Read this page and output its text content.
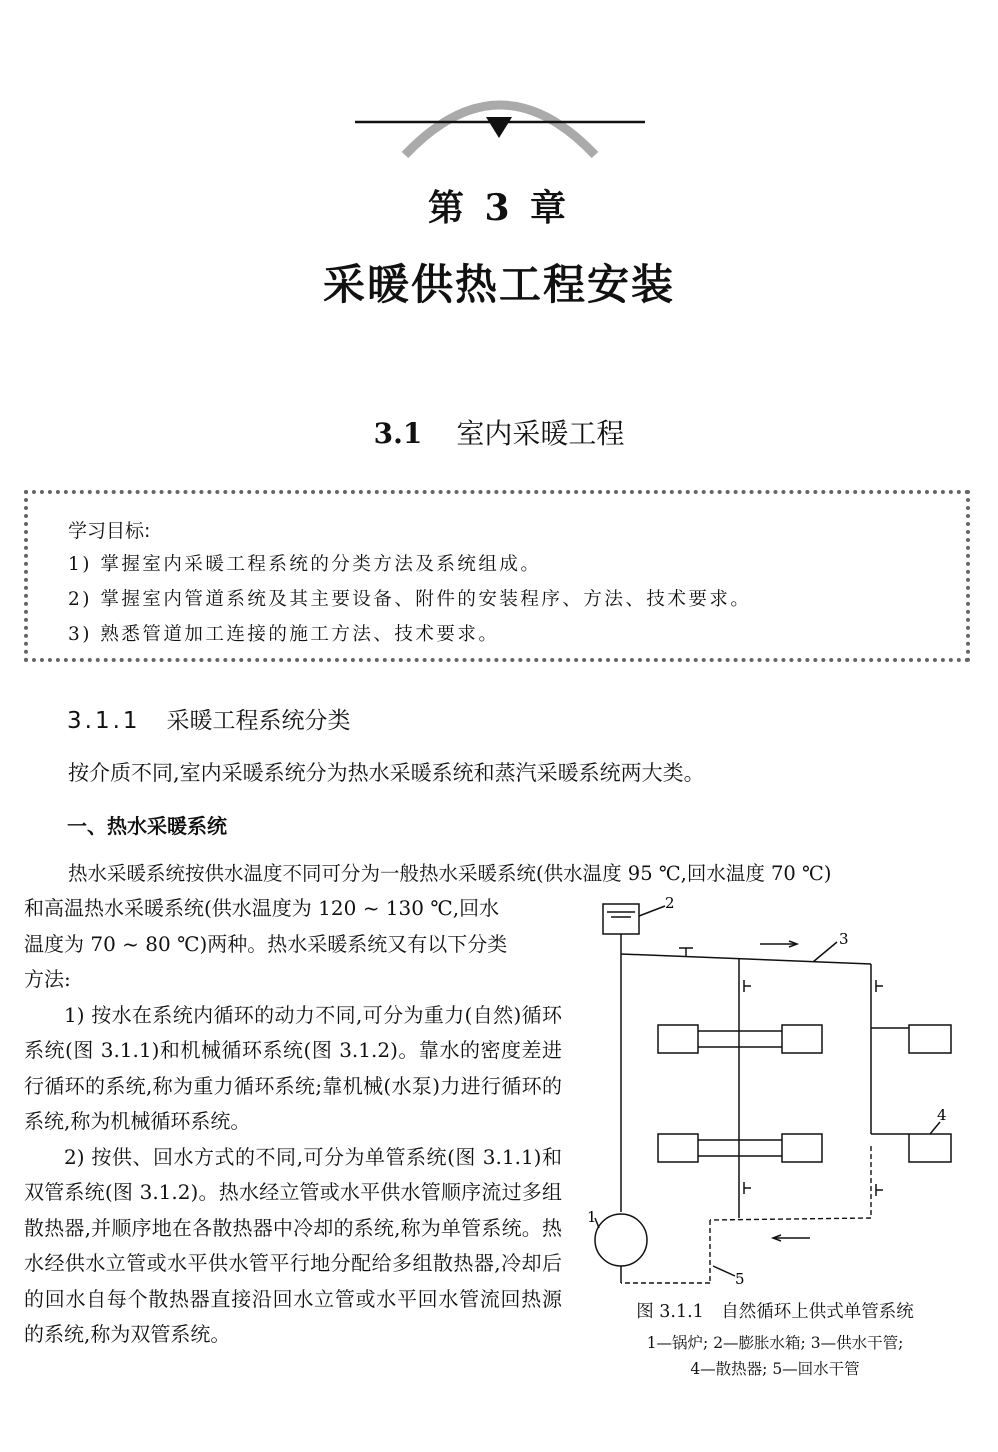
第 3 章
采暖供热工程安装
3.1 室内采暖工程
学习目标:
1) 掌握室内采暖工程系统的分类方法及系统组成。
2) 掌握室内管道系统及其主要设备、附件的安装程序、方法、技术要求。
3) 熟悉管道加工连接的施工方法、技术要求。
3.1.1 采暖工程系统分类
按介质不同,室内采暖系统分为热水采暖系统和蒸汽采暖系统两大类。
一、热水采暖系统
热水采暖系统按供水温度不同可分为一般热水采暖系统(供水温度 95 ℃,回水温度 70 ℃)

和高温热水采暖系统(供水温度为 120 ~ 130 ℃,回水
温度为 70 ~ 80 ℃)两种。热水采暖系统又有以下分类
方法:

1) 按水在系统内循环的动力不同,可分为重力(自然)循环系统(图 3.1.1)和机械循环系统(图 3.1.2)。靠水的密度差进行循环的系统,称为重力循环系统;靠机械(水泵)力进行循环的系统,称为机械循环系统。

2) 按供、回水方式的不同,可分为单管系统(图 3.1.1)和双管系统(图 3.1.2)。热水经立管或水平供水管顺序流过多组散热器,并顺序地在各散热器中冷却的系统,称为单管系统。热水经供水立管或水平供水管平行地分配给多组散热器,冷却后的回水自每个散热器直接沿回水立管或水平回水管流回热源的系统,称为双管系统。

2
3
4
5
1
图 3.1.1　自然循环上供式单管系统
1—锅炉; 2—膨胀水箱; 3—供水干管;
4—散热器; 5—回水干管
